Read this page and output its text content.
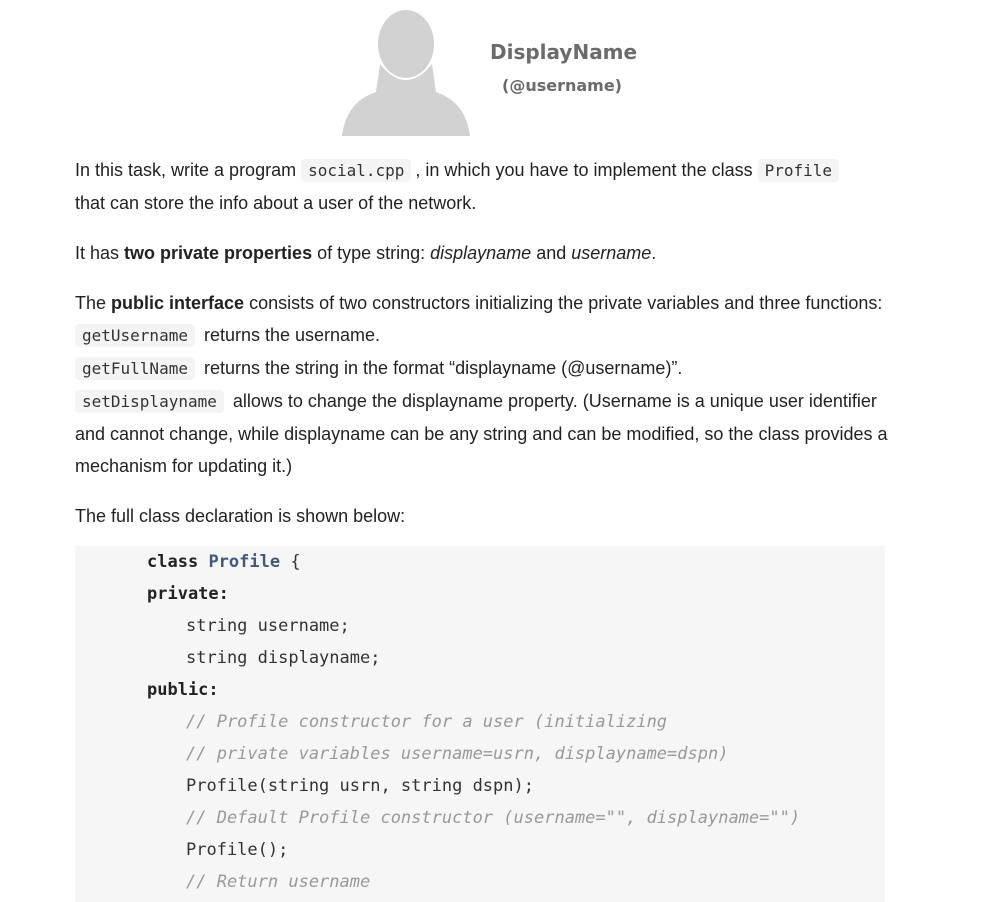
DisplayName
(@username)

In this task, write a program social.cpp , in which you have to implement the class Profile
that can store the info about a user of the network.

It has two private properties of type string: displayname and username.

The public interface consists of two constructors initializing the private variables and three functions:
getUsername returns the username.
getFullName returns the string in the format “displayname (@username)”.
setDisplayname allows to change the displayname property. (Username is a unique user identifier and cannot change, while displayname can be any string and can be modified, so the class provides a mechanism for updating it.)

The full class declaration is shown below:

class Profile {
private:
string username;
string displayname;
public:
// Profile constructor for a user (initializing
// private variables username=usrn, displayname=dspn)
Profile(string usrn, string dspn);
// Default Profile constructor (username="", displayname="")
Profile();
// Return username
